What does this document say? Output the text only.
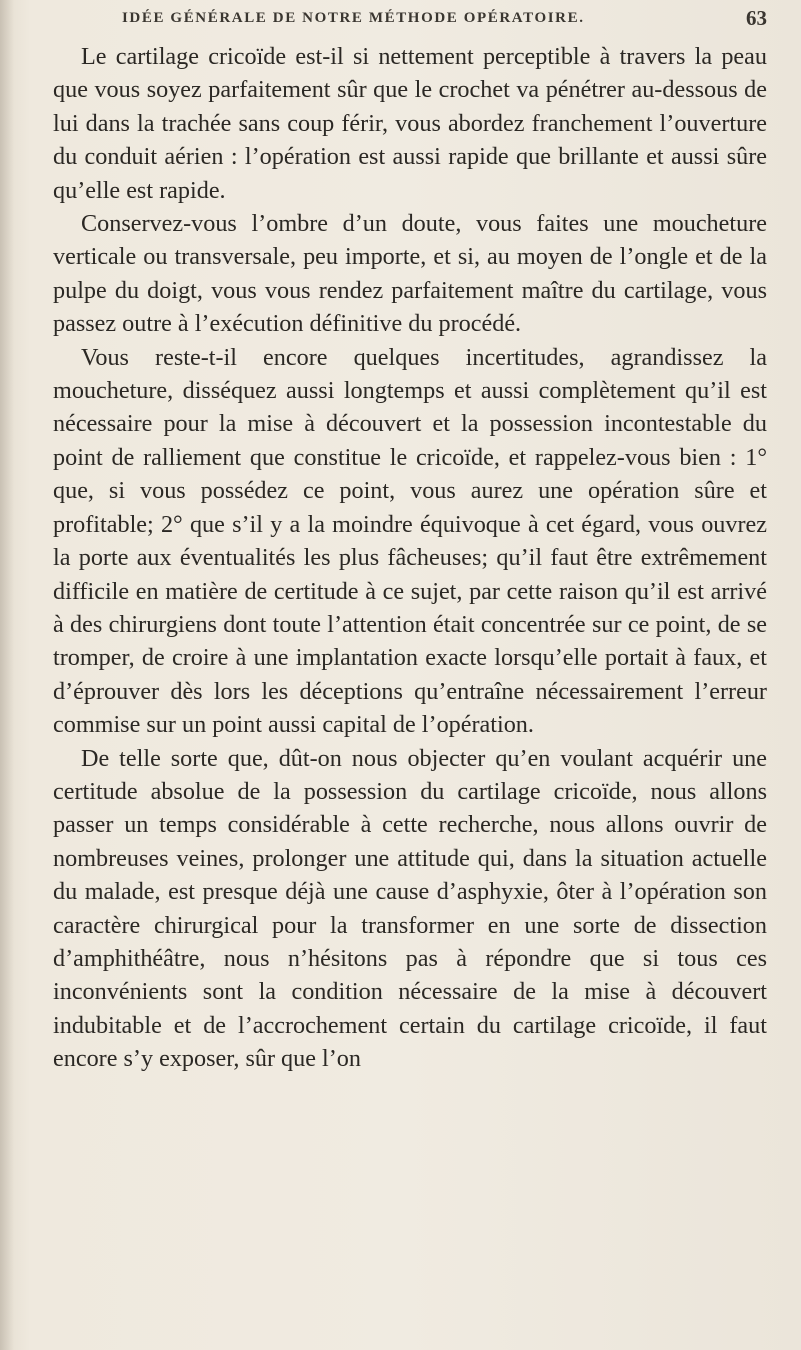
IDÉE GÉNÉRALE DE NOTRE MÉTHODE OPÉRATOIRE.	63

Le cartilage cricoïde est-il si nettement perceptible à travers la peau que vous soyez parfaitement sûr que le crochet va pénétrer au-dessous de lui dans la trachée sans coup férir, vous abordez franchement l’ouverture du conduit aérien : l’opération est aussi rapide que brillante et aussi sûre qu’elle est rapide.

Conservez-vous l’ombre d’un doute, vous faites une moucheture verticale ou transversale, peu importe, et si, au moyen de l’ongle et de la pulpe du doigt, vous vous rendez parfaitement maître du cartilage, vous passez outre à l’exécution définitive du procédé.

Vous reste-t-il encore quelques incertitudes, agrandissez la moucheture, disséquez aussi longtemps et aussi complètement qu’il est nécessaire pour la mise à découvert et la possession incontestable du point de ralliement que constitue le cricoïde, et rappelez-vous bien : 1° que, si vous possédez ce point, vous aurez une opération sûre et profitable; 2° que s’il y a la moindre équivoque à cet égard, vous ouvrez la porte aux éventualités les plus fâcheuses; qu’il faut être extrêmement difficile en matière de certitude à ce sujet, par cette raison qu’il est arrivé à des chirurgiens dont toute l’attention était concentrée sur ce point, de se tromper, de croire à une implantation exacte lorsqu’elle portait à faux, et d’éprouver dès lors les déceptions qu’entraîne nécessairement l’erreur commise sur un point aussi capital de l’opération.

De telle sorte que, dût-on nous objecter qu’en voulant acquérir une certitude absolue de la possession du cartilage cricoïde, nous allons passer un temps considérable à cette recherche, nous allons ouvrir de nombreuses veines, prolonger une attitude qui, dans la situation actuelle du malade, est presque déjà une cause d’asphyxie, ôter à l’opération son caractère chirurgical pour la transformer en une sorte de dissection d’amphithéâtre, nous n’hésitons pas à répondre que si tous ces inconvénients sont la condition nécessaire de la mise à découvert indubitable et de l’accrochement certain du cartilage cricoïde, il faut encore s’y exposer, sûr que l’on
